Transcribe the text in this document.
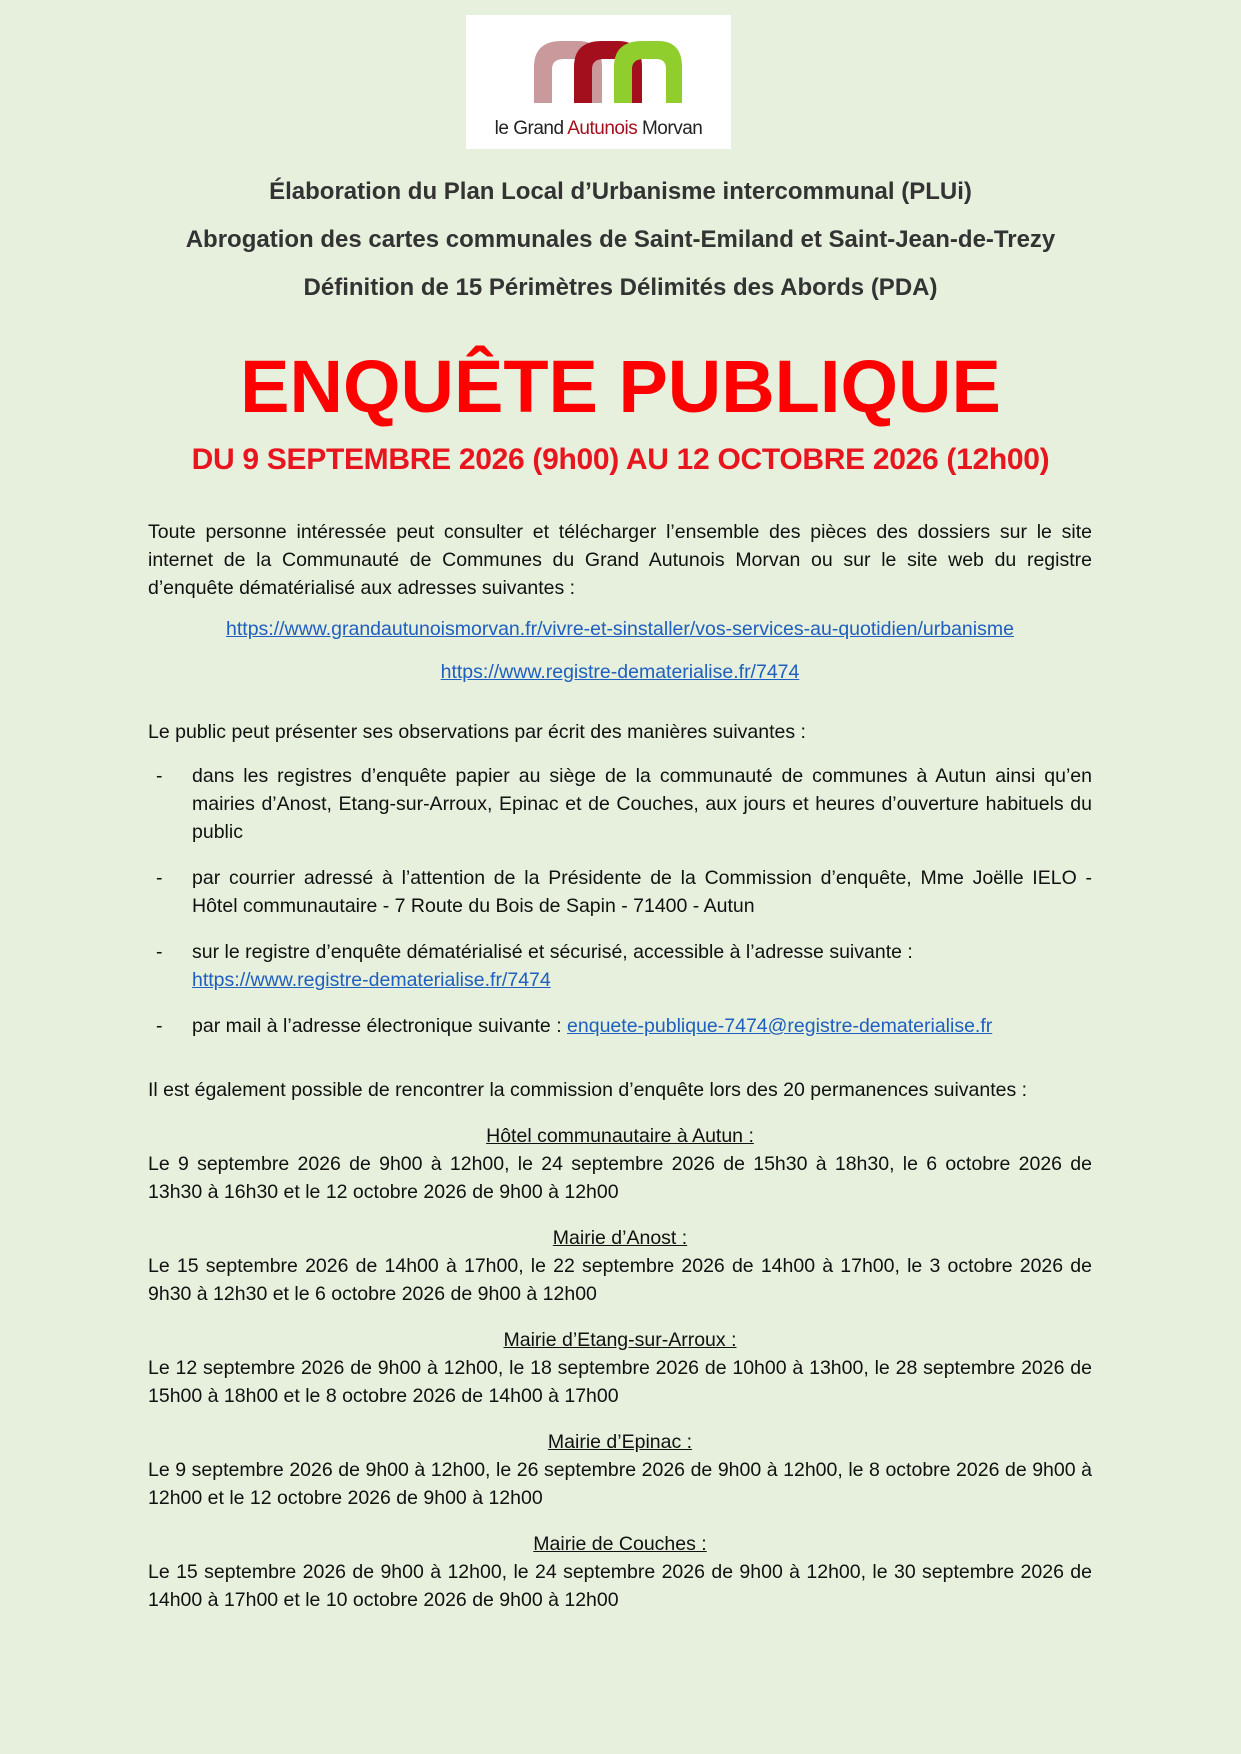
le Grand Autunois Morvan
Élaboration du Plan Local d’Urbanisme intercommunal (PLUi)
Abrogation des cartes communales de Saint-Emiland et Saint-Jean-de-Trezy
Définition de 15 Périmètres Délimités des Abords (PDA)
ENQUÊTE PUBLIQUE
DU 9 SEPTEMBRE 2026 (9h00) AU 12 OCTOBRE 2026 (12h00)

Toute personne intéressée peut consulter et télécharger l’ensemble des pièces des dossiers sur le site internet de la Communauté de Communes du Grand Autunois Morvan ou sur le site web du registre d’enquête dématérialisé aux adresses suivantes :

https://www.grandautunoismorvan.fr/vivre-et-sinstaller/vos-services-au-quotidien/urbanisme
https://www.registre-dematerialise.fr/7474

Le public peut présenter ses observations par écrit des manières suivantes :

- dans les registres d’enquête papier au siège de la communauté de communes à Autun ainsi qu’en mairies d’Anost, Etang-sur-Arroux, Epinac et de Couches, aux jours et heures d’ouverture habituels du public
- par courrier adressé à l’attention de la Présidente de la Commission d’enquête, Mme Joëlle IELO - Hôtel communautaire - 7 Route du Bois de Sapin - 71400 - Autun
- sur le registre d’enquête dématérialisé et sécurisé, accessible à l’adresse suivante :
https://www.registre-dematerialise.fr/7474
- par mail à l’adresse électronique suivante : enquete-publique-7474@registre-dematerialise.fr

Il est également possible de rencontrer la commission d’enquête lors des 20 permanences suivantes :

Hôtel communautaire à Autun :

Le 9 septembre 2026 de 9h00 à 12h00, le 24 septembre 2026 de 15h30 à 18h30, le 6 octobre 2026 de 13h30 à 16h30 et le 12 octobre 2026 de 9h00 à 12h00

Mairie d’Anost :

Le 15 septembre 2026 de 14h00 à 17h00, le 22 septembre 2026 de 14h00 à 17h00, le 3 octobre 2026 de 9h30 à 12h30 et le 6 octobre 2026 de 9h00 à 12h00

Mairie d’Etang-sur-Arroux :

Le 12 septembre 2026 de 9h00 à 12h00, le 18 septembre 2026 de 10h00 à 13h00, le 28 septembre 2026 de 15h00 à 18h00 et le 8 octobre 2026 de 14h00 à 17h00

Mairie d’Epinac :

Le 9 septembre 2026 de 9h00 à 12h00, le 26 septembre 2026 de 9h00 à 12h00, le 8 octobre 2026 de 9h00 à 12h00 et le 12 octobre 2026 de 9h00 à 12h00

Mairie de Couches :

Le 15 septembre 2026 de 9h00 à 12h00, le 24 septembre 2026 de 9h00 à 12h00, le 30 septembre 2026 de 14h00 à 17h00 et le 10 octobre 2026 de 9h00 à 12h00
